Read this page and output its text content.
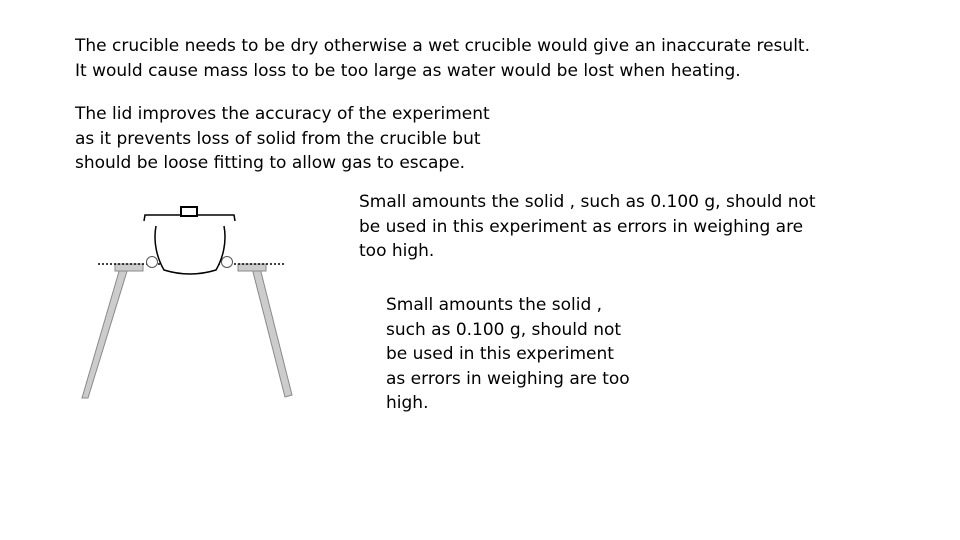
The crucible needs to be dry otherwise a wet crucible would give an inaccurate result.
It would cause mass loss to be too large as water would be lost when heating.
The lid improves the accuracy of the experiment
as it prevents loss of solid from the crucible but
should be loose fitting to allow gas to escape.
Small amounts the solid , such as 0.100 g, should not
be used in this experiment as errors in weighing are
too high.
Small amounts the solid ,
such as 0.100 g, should not
be used in this experiment
as errors in weighing are too
high.
